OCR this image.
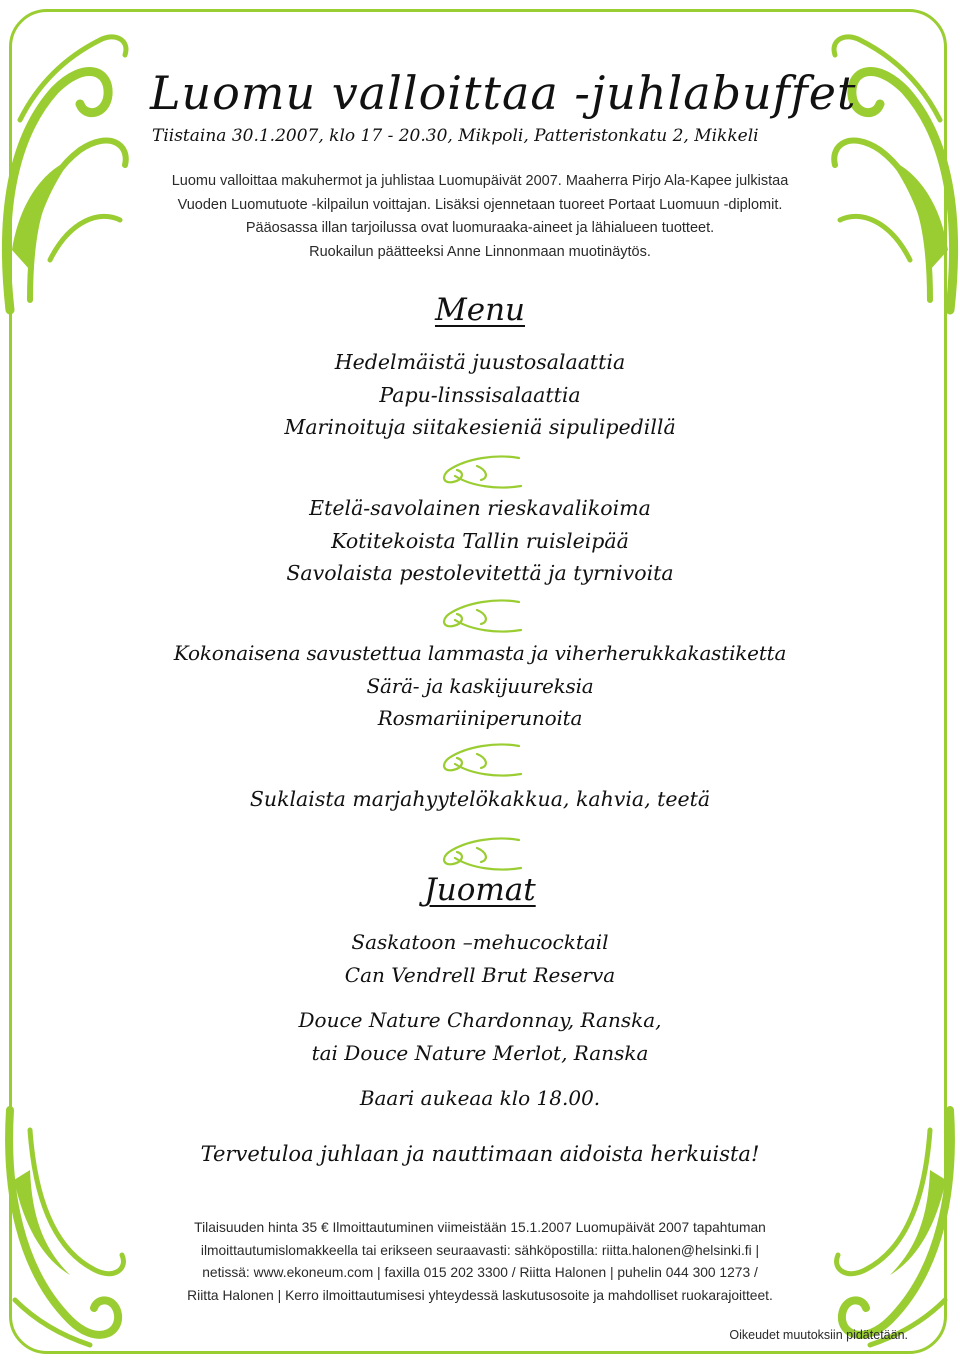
Luomu valloittaa -juhlabuffet
Tiistaina 30.1.2007, klo 17 - 20.30, Mikpoli, Patteristonkatu 2, Mikkeli
Luomu valloittaa makuhermot ja juhlistaa Luomupäivät 2007. Maaherra Pirjo Ala-Kapee julkistaa
Vuoden Luomutuote -kilpailun voittajan. Lisäksi ojennetaan tuoreet Portaat Luomuun -diplomit.
Pääosassa illan tarjoilussa ovat luomuraaka-aineet ja lähialueen tuotteet.
Ruokailun päätteeksi Anne Linnonmaan muotinäytös.
Menu
Hedelmäistä juustosalaattia
Papu-linssisalaattia
Marinoituja siitakesieniä sipulipedillä
Etelä-savolainen rieskavalikoima
Kotitekoista Tallin ruisleipää
Savolaista pestolevitettä ja tyrnivoita
Kokonaisena savustettua lammasta ja viherherukkakastiketta
Särä- ja kaskijuureksia
Rosmariiniperunoita
Suklaista marjahyytelökakkua, kahvia, teetä
Juomat
Saskatoon –mehucocktail
Can Vendrell Brut Reserva
Douce Nature Chardonnay, Ranska,
tai Douce Nature Merlot, Ranska
Baari aukeaa klo 18.00.
Tervetuloa juhlaan ja nauttimaan aidoista herkuista!
Tilaisuuden hinta 35 € Ilmoittautuminen viimeistään 15.1.2007 Luomupäivät 2007 tapahtuman
ilmoittautumislomakkeella tai erikseen seuraavasti: sähköpostilla: riitta.halonen@helsinki.fi |
netissä: www.ekoneum.com | faxilla 015 202 3300 / Riitta Halonen | puhelin 044 300 1273 /
Riitta Halonen | Kerro ilmoittautumisesi yhteydessä laskutusosoite ja mahdolliset ruokarajoitteet.
Oikeudet muutoksiin pidätetään.
